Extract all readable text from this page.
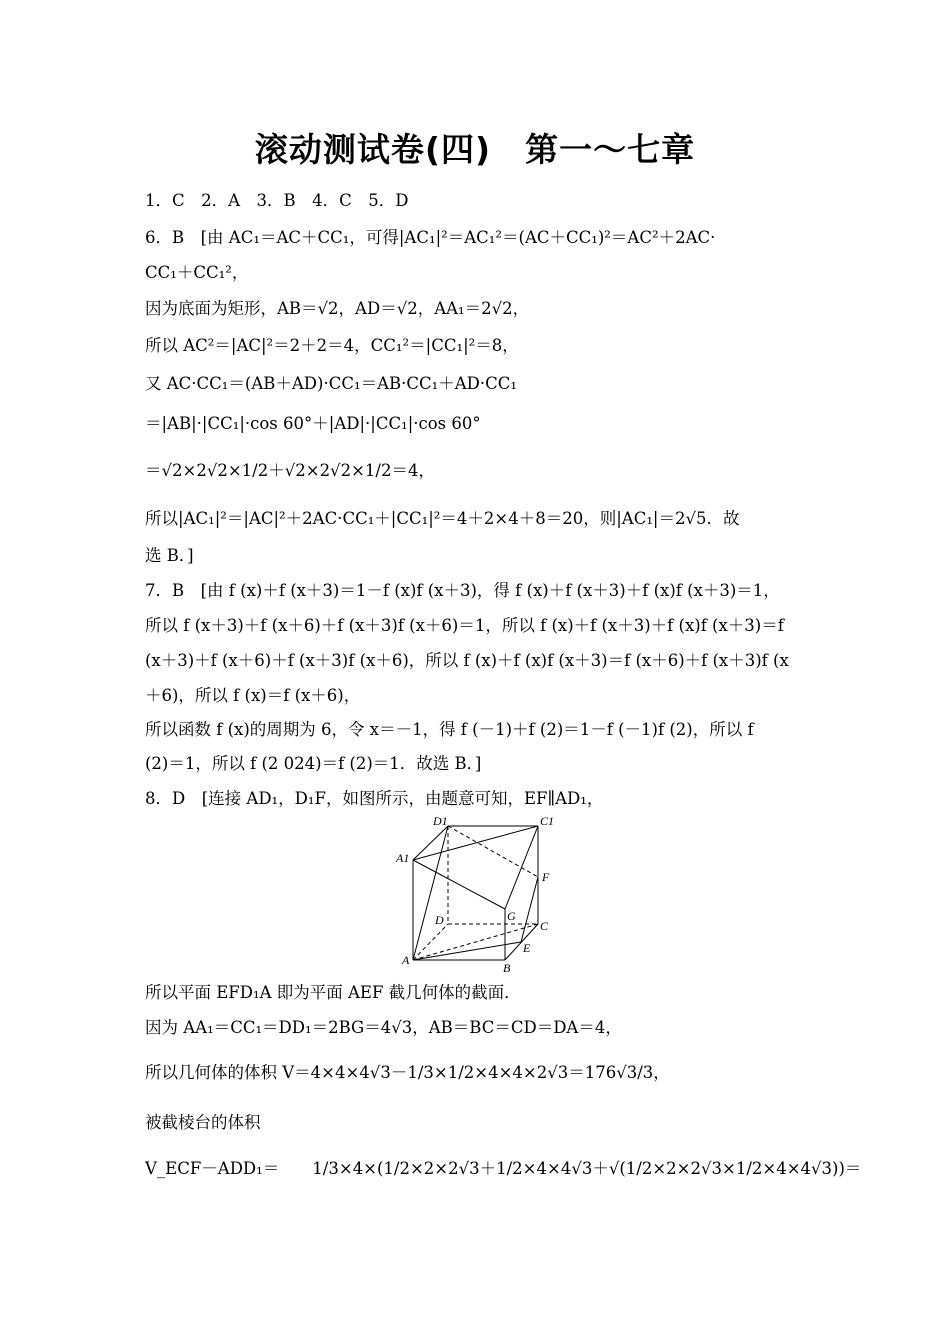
滚动测试卷(四)　第一～七章
1．C　2．A　3．B　4．C　5．D
6．B　[由 AC₁＝AC＋CC₁，可得|AC₁|²＝AC₁²＝(AC＋CC₁)²＝AC²＋2AC·
CC₁＋CC₁²，
因为底面为矩形，AB＝√2，AD＝√2，AA₁＝2√2，
所以 AC²＝|AC|²＝2＋2＝4，CC₁²＝|CC₁|²＝8，
又 AC·CC₁＝(AB＋AD)·CC₁＝AB·CC₁＋AD·CC₁
＝|AB|·|CC₁|·cos 60°＋|AD|·|CC₁|·cos 60°
＝√2×2√2×1/2＋√2×2√2×1/2＝4，
所以|AC₁|²＝|AC|²＋2AC·CC₁＋|CC₁|²＝4＋2×4＋8＝20，则|AC₁|＝2√5．故
选 B．]
7．B　[由 f (x)＋f (x＋3)＝1－f (x)f (x＋3)，得 f (x)＋f (x＋3)＋f (x)f (x＋3)＝1，
所以 f (x＋3)＋f (x＋6)＋f (x＋3)f (x＋6)＝1，所以 f (x)＋f (x＋3)＋f (x)f (x＋3)＝f
(x＋3)＋f (x＋6)＋f (x＋3)f (x＋6)，所以 f (x)＋f (x)f (x＋3)＝f (x＋6)＋f (x＋3)f (x
＋6)，所以 f (x)＝f (x＋6)，
所以函数 f (x)的周期为 6，令 x＝－1，得 f (－1)＋f (2)＝1－f (－1)f (2)，所以 f
(2)＝1，所以 f (2 024)＝f (2)＝1．故选 B．]
8．D　[连接 AD₁，D₁F，如图所示，由题意可知，EF∥AD₁，
D1	C1
A1
F
G
D	C
E
A
B
所以平面 EFD₁A 即为平面 AEF 截几何体的截面．
因为 AA₁＝CC₁＝DD₁＝2BG＝4√3，AB＝BC＝CD＝DA＝4，
所以几何体的体积 V＝4×4×4√3－1/3×1/2×4×4×2√3＝176√3/3，
被截棱台的体积
V_ECF－ADD₁＝　　1/3×4×(1/2×2×2√3＋1/2×4×4√3＋√(1/2×2×2√3×1/2×4×4√3))＝
